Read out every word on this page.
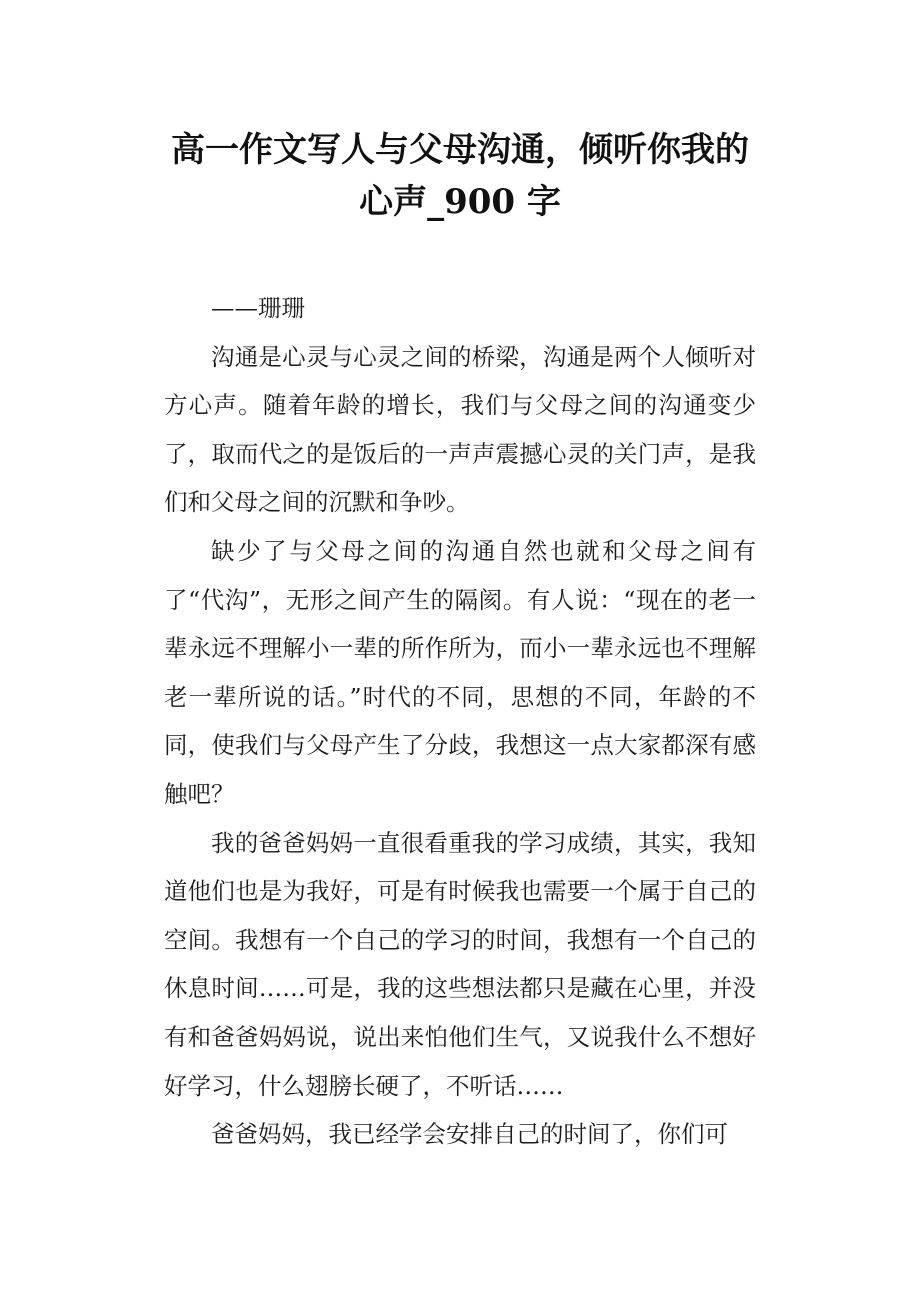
高一作文写人与父母沟通，倾听你我的
心声_900 字

——珊珊

沟通是心灵与心灵之间的桥梁，沟通是两个人倾听对方心声。随着年龄的增长，我们与父母之间的沟通变少了，取而代之的是饭后的一声声震撼心灵的关门声，是我们和父母之间的沉默和争吵。

缺少了与父母之间的沟通自然也就和父母之间有了“代沟”，无形之间产生的隔阂。有人说：“现在的老一辈永远不理解小一辈的所作所为，而小一辈永远也不理解老一辈所说的话。”时代的不同，思想的不同，年龄的不同，使我们与父母产生了分歧，我想这一点大家都深有感触吧？

我的爸爸妈妈一直很看重我的学习成绩，其实，我知道他们也是为我好，可是有时候我也需要一个属于自己的空间。我想有一个自己的学习的时间，我想有一个自己的休息时间……可是，我的这些想法都只是藏在心里，并没有和爸爸妈妈说，说出来怕他们生气，又说我什么不想好好学习，什么翅膀长硬了，不听话……

爸爸妈妈，我已经学会安排自己的时间了，你们可
